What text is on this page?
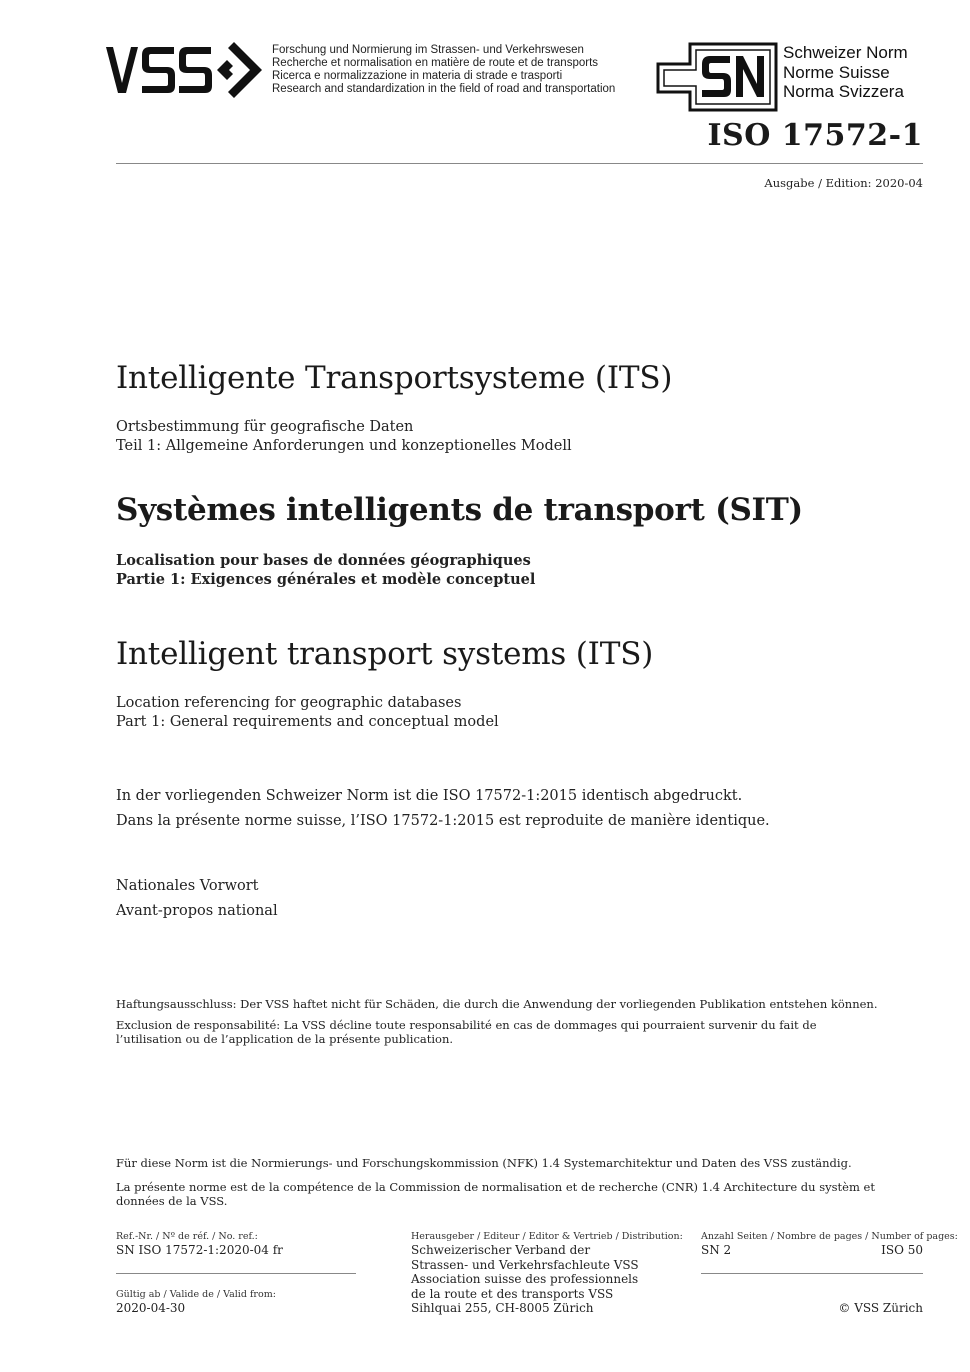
Forschung und Normierung im Strassen- und Verkehrswesen
Recherche et normalisation en matière de route et de transports
Ricerca e normalizzazione in materia di strade e trasporti
Research and standardization in the field of road and transportation
Schweizer Norm
Norme Suisse
Norma Svizzera
ISO 17572-1
Ausgabe / Edition: 2020-04
Intelligente Transportsysteme (ITS)
Ortsbestimmung für geografische Daten
Teil 1: Allgemeine Anforderungen und konzeptionelles Modell
Systèmes intelligents de transport (SIT)
Localisation pour bases de données géographiques
Partie 1: Exigences générales et modèle conceptuel
Intelligent transport systems (ITS)
Location referencing for geographic databases
Part 1: General requirements and conceptual model
In der vorliegenden Schweizer Norm ist die ISO 17572-1:2015 identisch abgedruckt.
Dans la présente norme suisse, l’ISO 17572-1:2015 est reproduite de manière identique.
Nationales Vorwort
Avant-propos national
Haftungsausschluss: Der VSS haftet nicht für Schäden, die durch die Anwendung der vorliegenden Publikation entstehen können.
Exclusion de responsabilité: La VSS décline toute responsabilité en cas de dommages qui pourraient survenir du fait de l’utilisation ou de l’application de la présente publication.
Für diese Norm ist die Normierungs- und Forschungskommission (NFK) 1.4 Systemarchitektur und Daten des VSS zuständig.
La présente norme est de la compétence de la Commission de normalisation et de recherche (CNR) 1.4 Architecture du systèm et données de la VSS.
Ref.-Nr. / Nº de réf. / No. ref.:
SN ISO 17572-1:2020-04 fr
Gültig ab / Valide de / Valid from:
2020-04-30
Herausgeber / Editeur / Editor & Vertrieb / Distribution:
Schweizerischer Verband der
Strassen- und Verkehrsfachleute VSS
Association suisse des professionnels
de la route et des transports VSS
Sihlquai 255, CH-8005 Zürich
Anzahl Seiten / Nombre de pages / Number of pages:
SN 2	ISO 50
© VSS Zürich
